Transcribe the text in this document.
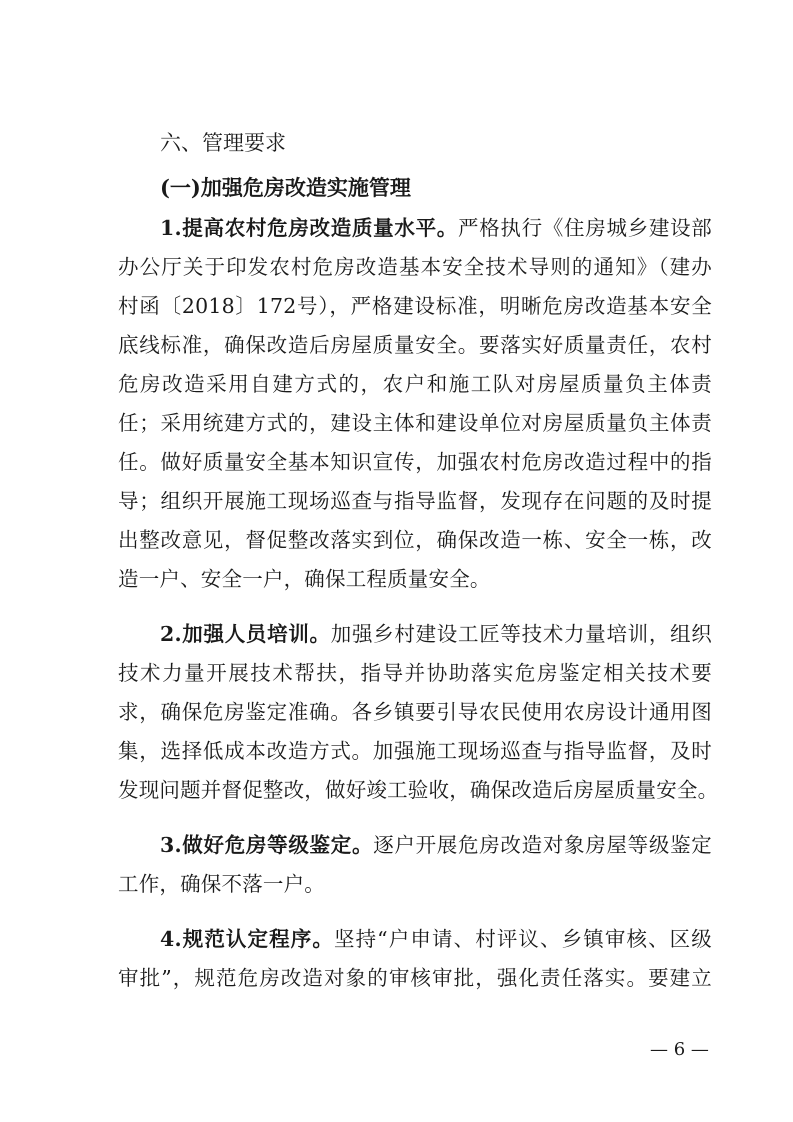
六、管理要求
(一)加强危房改造实施管理
1.提高农村危房改造质量水平。严格执行《住房城乡建设部
办公厅关于印发农村危房改造基本安全技术导则的通知》（建办
村函〔2018〕172号），严格建设标准，明晰危房改造基本安全
底线标准，确保改造后房屋质量安全。要落实好质量责任，农村
危房改造采用自建方式的，农户和施工队对房屋质量负主体责
任；采用统建方式的，建设主体和建设单位对房屋质量负主体责
任。做好质量安全基本知识宣传，加强农村危房改造过程中的指
导；组织开展施工现场巡查与指导监督，发现存在问题的及时提
出整改意见，督促整改落实到位，确保改造一栋、安全一栋，改
造一户、安全一户，确保工程质量安全。
2.加强人员培训。加强乡村建设工匠等技术力量培训，组织
技术力量开展技术帮扶，指导并协助落实危房鉴定相关技术要
求，确保危房鉴定准确。各乡镇要引导农民使用农房设计通用图
集，选择低成本改造方式。加强施工现场巡查与指导监督，及时
发现问题并督促整改，做好竣工验收，确保改造后房屋质量安全。
3.做好危房等级鉴定。逐户开展危房改造对象房屋等级鉴定
工作，确保不落一户。
4.规范认定程序。坚持“户申请、村评议、乡镇审核、区级
审批”，规范危房改造对象的审核审批，强化责任落实。要建立
— 6 —
